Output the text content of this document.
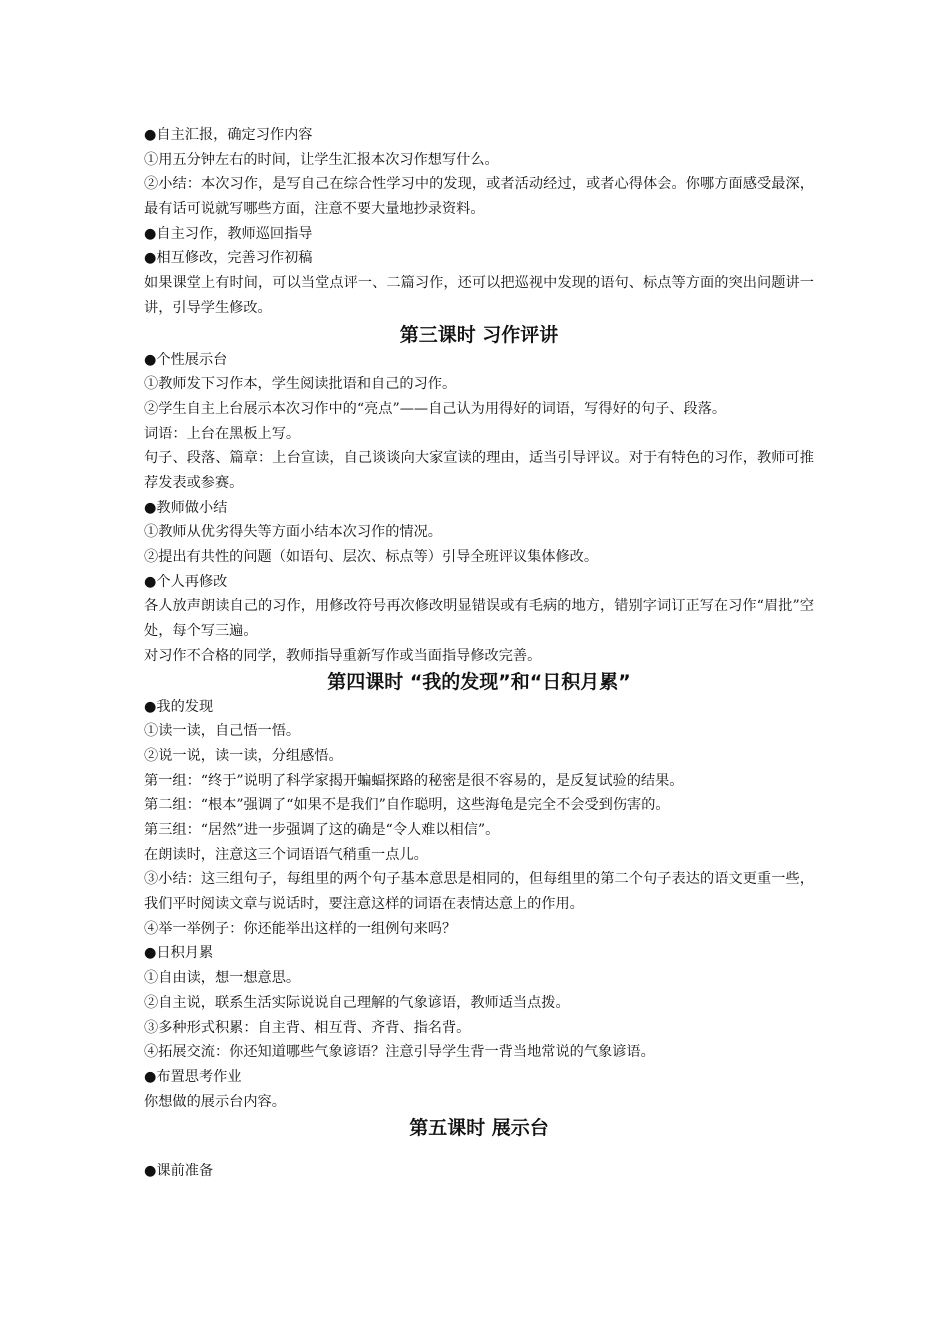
●自主汇报，确定习作内容
①用五分钟左右的时间，让学生汇报本次习作想写什么。
②小结：本次习作，是写自己在综合性学习中的发现，或者活动经过，或者心得体会。你哪方面感受最深，最有话可说就写哪些方面，注意不要大量地抄录资料。
●自主习作，教师巡回指导
●相互修改，完善习作初稿
如果课堂上有时间，可以当堂点评一、二篇习作，还可以把巡视中发现的语句、标点等方面的突出问题讲一讲，引导学生修改。
第三课时 习作评讲
●个性展示台
①教师发下习作本，学生阅读批语和自己的习作。
②学生自主上台展示本次习作中的“亮点”——自己认为用得好的词语，写得好的句子、段落。
词语：上台在黑板上写。
句子、段落、篇章：上台宣读，自己谈谈向大家宣读的理由，适当引导评议。对于有特色的习作，教师可推荐发表或参赛。
●教师做小结
①教师从优劣得失等方面小结本次习作的情况。
②提出有共性的问题（如语句、层次、标点等）引导全班评议集体修改。
●个人再修改
各人放声朗读自己的习作，用修改符号再次修改明显错误或有毛病的地方，错别字词订正写在习作“眉批”空处，每个写三遍。
对习作不合格的同学，教师指导重新写作或当面指导修改完善。
第四课时 “我的发现”和“日积月累”
●我的发现
①读一读，自己悟一悟。
②说一说，读一读，分组感悟。
第一组：“终于”说明了科学家揭开蝙蝠探路的秘密是很不容易的，是反复试验的结果。
第二组：“根本”强调了“如果不是我们”自作聪明，这些海龟是完全不会受到伤害的。
第三组：“居然”进一步强调了这的确是“令人难以相信”。
在朗读时，注意这三个词语语气稍重一点儿。
③小结：这三组句子，每组里的两个句子基本意思是相同的，但每组里的第二个句子表达的语文更重一些，我们平时阅读文章与说话时，要注意这样的词语在表情达意上的作用。
④举一举例子：你还能举出这样的一组例句来吗？
●日积月累
①自由读，想一想意思。
②自主说，联系生活实际说说自己理解的气象谚语，教师适当点拨。
③多种形式积累：自主背、相互背、齐背、指名背。
④拓展交流：你还知道哪些气象谚语？注意引导学生背一背当地常说的气象谚语。
●布置思考作业
你想做的展示台内容。
第五课时 展示台
●课前准备
